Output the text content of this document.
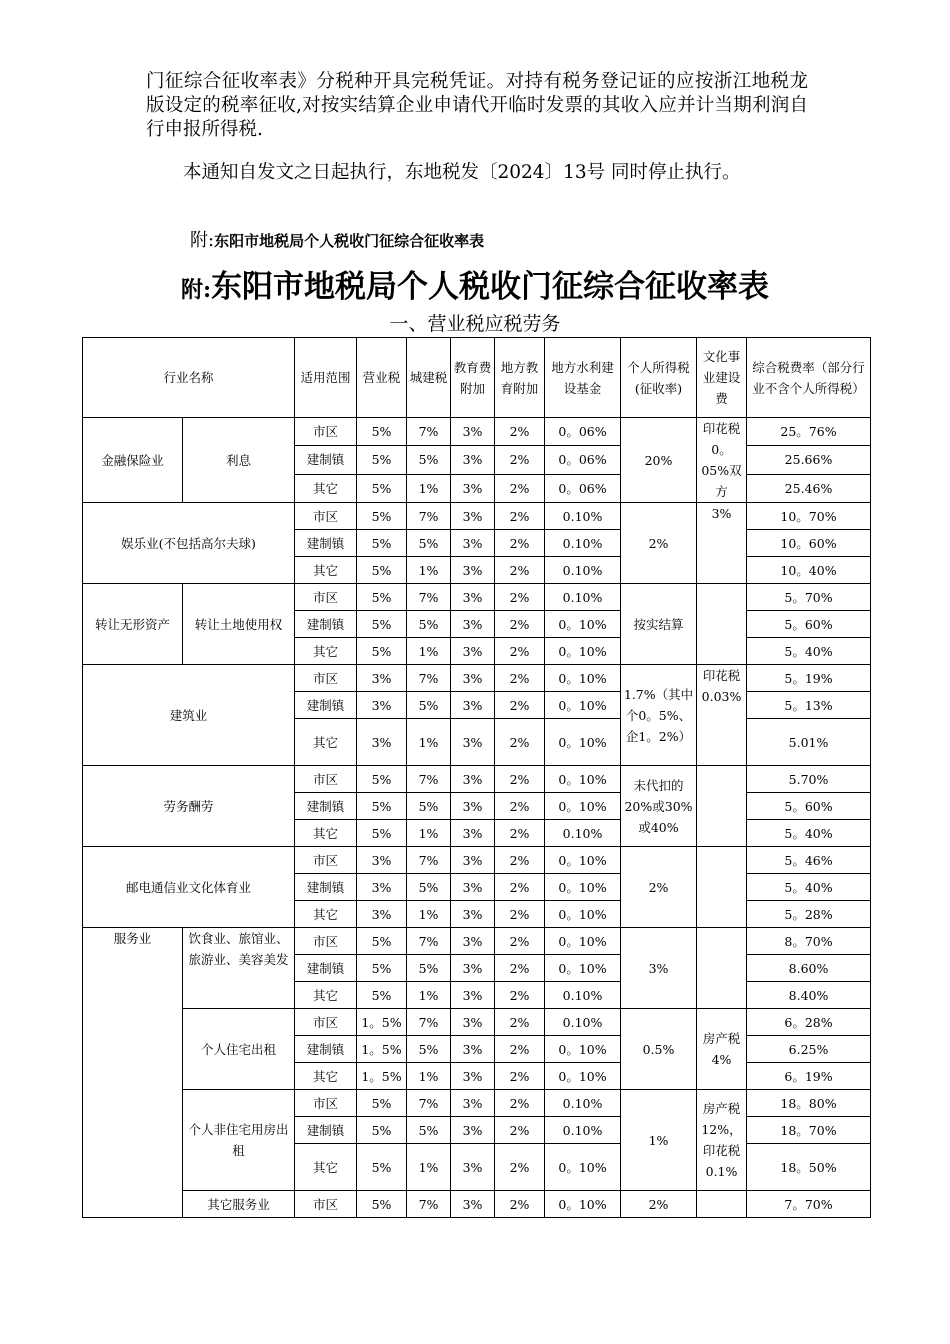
门征综合征收率表》分税种开具完税凭证。对持有税务登记证的应按浙江地税龙版设定的税率征收,对按实结算企业申请代开临时发票的其收入应并计当期利润自行申报所得税.

本通知自发文之日起执行，东地税发〔2024〕13号 同时停止执行。

附:东阳市地税局个人税收门征综合征收率表
附:东阳市地税局个人税收门征综合征收率表
一、营业税应税劳务
行业名称		适用范围	营业税	城建税	教育费附加	地方教育附加	地方水利建设基金	个人所得税(征收率)	文化事业建设费	综合税费率（部分行业不含个人所得税）
金融保险业	利息	市区	5%	7%	3%	2%	0。06%	20%	印花税0。05%双方	25。76%
		建制镇	5%	5%	3%	2%	0。06%			25.66%
		其它	5%	1%	3%	2%	0。06%			25.46%
娱乐业(不包括高尔夫球)		市区	5%	7%	3%	2%	0.10%	2%	3%	10。70%
		建制镇	5%	5%	3%	2%	0.10%			10。60%
		其它	5%	1%	3%	2%	0.10%			10。40%
转让无形资产	转让土地使用权	市区	5%	7%	3%	2%	0.10%	按实结算		5。70%
		建制镇	5%	5%	3%	2%	0。10%			5。60%
		其它	5%	1%	3%	2%	0。10%			5。40%
建筑业		市区	3%	7%	3%	2%	0。10%	1.7%（其中个0。5%、企1。2%）	印花税0.03%	5。19%
		建制镇	3%	5%	3%	2%	0。10%			5。13%
		其它	3%	1%	3%	2%	0。10%			5.01%
劳务酬劳		市区	5%	7%	3%	2%	0。10%	未代扣的20%或30%或40%		5.70%
		建制镇	5%	5%	3%	2%	0。10%			5。60%
		其它	5%	1%	3%	2%	0.10%			5。40%
邮电通信业文化体育业		市区	3%	7%	3%	2%	0。10%	2%		5。46%
		建制镇	3%	5%	3%	2%	0。10%			5。40%
		其它	3%	1%	3%	2%	0。10%			5。28%
服务业	饮食业、旅馆业、旅游业、美容美发	市区	5%	7%	3%	2%	0。10%	3%		8。70%
		建制镇	5%	5%	3%	2%	0。10%			8.60%
		其它	5%	1%	3%	2%	0.10%			8.40%
	个人住宅出租	市区	1。5%	7%	3%	2%	0.10%	0.5%	房产税4%	6。28%
		建制镇	1。5%	5%	3%	2%	0。10%			6.25%
		其它	1。5%	1%	3%	2%	0。10%			6。19%
	个人非住宅用房出租	市区	5%	7%	3%	2%	0.10%	1%	房产税12%，印花税0.1%	18。80%
		建制镇	5%	5%	3%	2%	0.10%			18。70%
		其它	5%	1%	3%	2%	0。10%			18。50%
	其它服务业	市区	5%	7%	3%	2%	0。10%	2%		7。70%
